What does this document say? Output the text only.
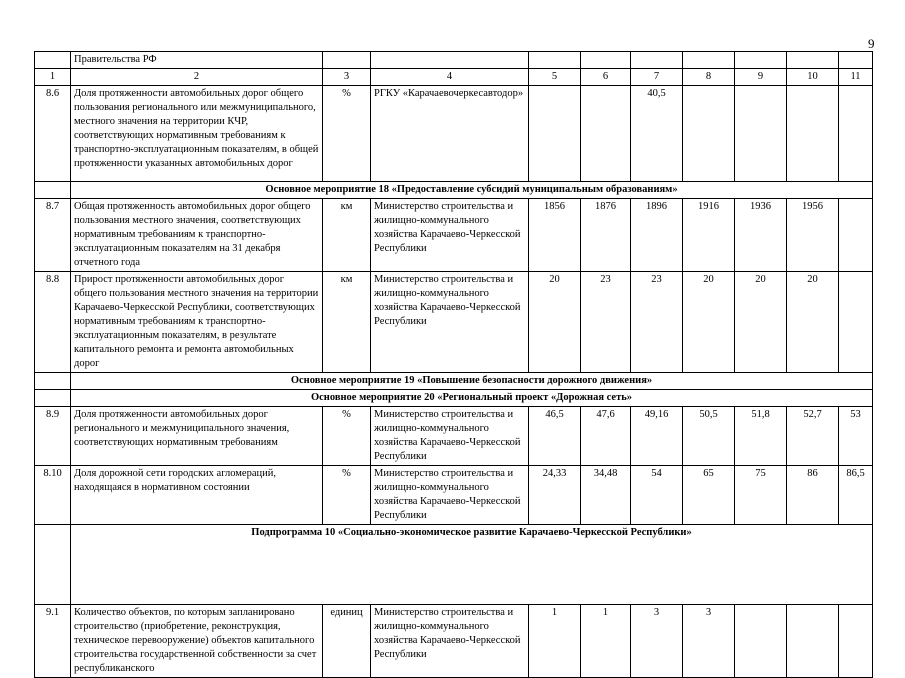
9
	Правительства РФ									
1	2	3	4	5	6	7	8	9	10	11
8.6	Доля протяженности автомобильных дорог общего пользования регионального или межмуниципального, местного значения на территории КЧР, соответствующих нормативным требованиям к транспортно-эксплуатационным показателям, в общей протяженности указанных автомобильных дорог	%	РГКУ «Карачаевочеркесавтодор»			40,5				
	Основное мероприятие 18 «Предоставление субсидий муниципальным образованиям»									
8.7	Общая протяженность автомобильных дорог общего пользования местного значения, соответствующих нормативным требованиям к транспортно-эксплуатационным показателям на 31 декабря отчетного года	км	Министерство строительства и жилищно-коммунального хозяйства Карачаево-Черкесской Республики	1856	1876	1896	1916	1936	1956	
8.8	Прирост протяженности автомобильных дорог общего пользования местного значения на территории Карачаево-Черкесской Республики, соответствующих нормативным требованиям к транспортно-эксплуатационным показателям, в результате капитального ремонта и ремонта автомобильных дорог	км	Министерство строительства и жилищно-коммунального хозяйства Карачаево-Черкесской Республики	20	23	23	20	20	20	
	Основное мероприятие 19 «Повышение безопасности дорожного движения»									
	Основное мероприятие 20 «Региональный проект «Дорожная сеть»									
8.9	Доля протяженности автомобильных дорог регионального и межмуниципального значения, соответствующих нормативным требованиям	%	Министерство строительства и жилищно-коммунального хозяйства Карачаево-Черкесской Республики	46,5	47,6	49,16	50,5	51,8	52,7	53
8.10	Доля дорожной сети городских агломераций, находящаяся в нормативном состоянии	%	Министерство строительства и жилищно-коммунального хозяйства Карачаево-Черкесской Республики	24,33	34,48	54	65	75	86	86,5
	Подпрограмма 10 «Социально-экономическое развитие Карачаево-Черкесской Республики»									
9.1	Количество объектов, по которым запланировано строительство (приобретение, реконструкция, техническое перевооружение) объектов капитального строительства государственной собственности за счет республиканского	единиц	Министерство строительства и жилищно-коммунального хозяйства Карачаево-Черкесской Республики	1	1	3	3			
